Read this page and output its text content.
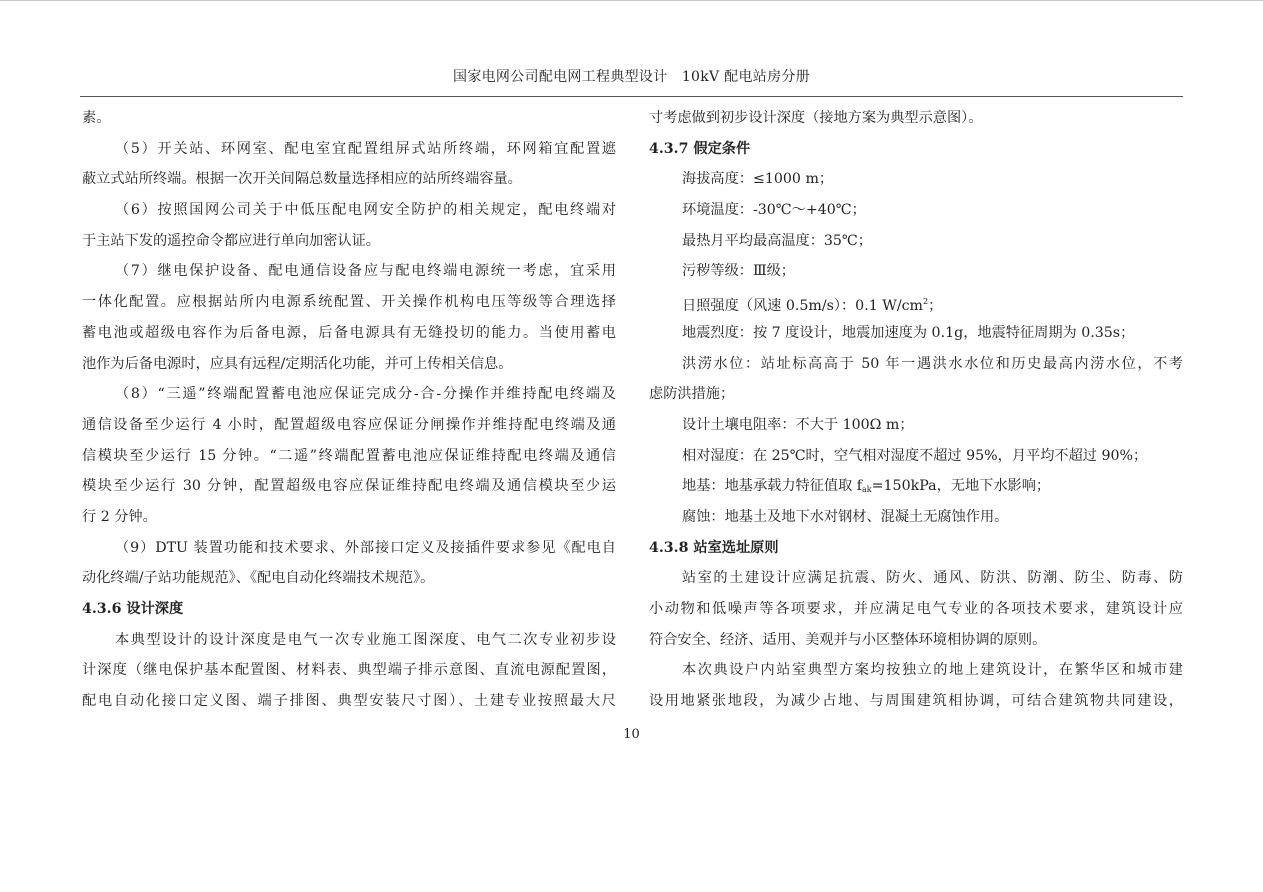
国家电网公司配电网工程典型设计　10kV 配电站房分册
素。
（5）开关站、环网室、配电室宜配置组屏式站所终端，环网箱宜配置遮
蔽立式站所终端。根据一次开关间隔总数量选择相应的站所终端容量。
（6）按照国网公司关于中低压配电网安全防护的相关规定，配电终端对
于主站下发的遥控命令都应进行单向加密认证。
（7）继电保护设备、配电通信设备应与配电终端电源统一考虑，宜采用
一体化配置。应根据站所内电源系统配置、开关操作机构电压等级等合理选择
蓄电池或超级电容作为后备电源，后备电源具有无缝投切的能力。当使用蓄电
池作为后备电源时，应具有远程/定期活化功能，并可上传相关信息。
（8）“三遥”终端配置蓄电池应保证完成分-合-分操作并维持配电终端及
通信设备至少运行 4 小时，配置超级电容应保证分闸操作并维持配电终端及通
信模块至少运行 15 分钟。“二遥”终端配置蓄电池应保证维持配电终端及通信
模块至少运行 30 分钟，配置超级电容应保证维持配电终端及通信模块至少运
行 2 分钟。
（9）DTU 装置功能和技术要求、外部接口定义及接插件要求参见《配电自
动化终端/子站功能规范》、《配电自动化终端技术规范》。
4.3.6 设计深度
本典型设计的设计深度是电气一次专业施工图深度、电气二次专业初步设
计深度（继电保护基本配置图、材料表、典型端子排示意图、直流电源配置图，
配电自动化接口定义图、端子排图、典型安装尺寸图）、土建专业按照最大尺
寸考虑做到初步设计深度（接地方案为典型示意图）。
4.3.7 假定条件
海拔高度：≤1000 m；
环境温度：-30℃～+40℃；
最热月平均最高温度：35℃；
污秽等级：Ⅲ级；
日照强度（风速 0.5m/s）：0.1 $W/cm^2$；
地震烈度：按 7 度设计，地震加速度为 0.1g，地震特征周期为 0.35s；
洪涝水位：站址标高高于 50 年一遇洪水水位和历史最高内涝水位，不考
虑防洪措施；
设计土壤电阻率：不大于 100Ω m；
相对湿度：在 25℃时，空气相对湿度不超过 95%，月平均不超过 90%；
地基：地基承载力特征值取 $f_{ak}=150kPa$，无地下水影响；
腐蚀：地基土及地下水对钢材、混凝土无腐蚀作用。
4.3.8 站室选址原则
站室的土建设计应满足抗震、防火、通风、防洪、防潮、防尘、防毒、防
小动物和低噪声等各项要求，并应满足电气专业的各项技术要求，建筑设计应
符合安全、经济、适用、美观并与小区整体环境相协调的原则。
本次典设户内站室典型方案均按独立的地上建筑设计，在繁华区和城市建
设用地紧张地段，为减少占地、与周围建筑相协调，可结合建筑物共同建设，
10
